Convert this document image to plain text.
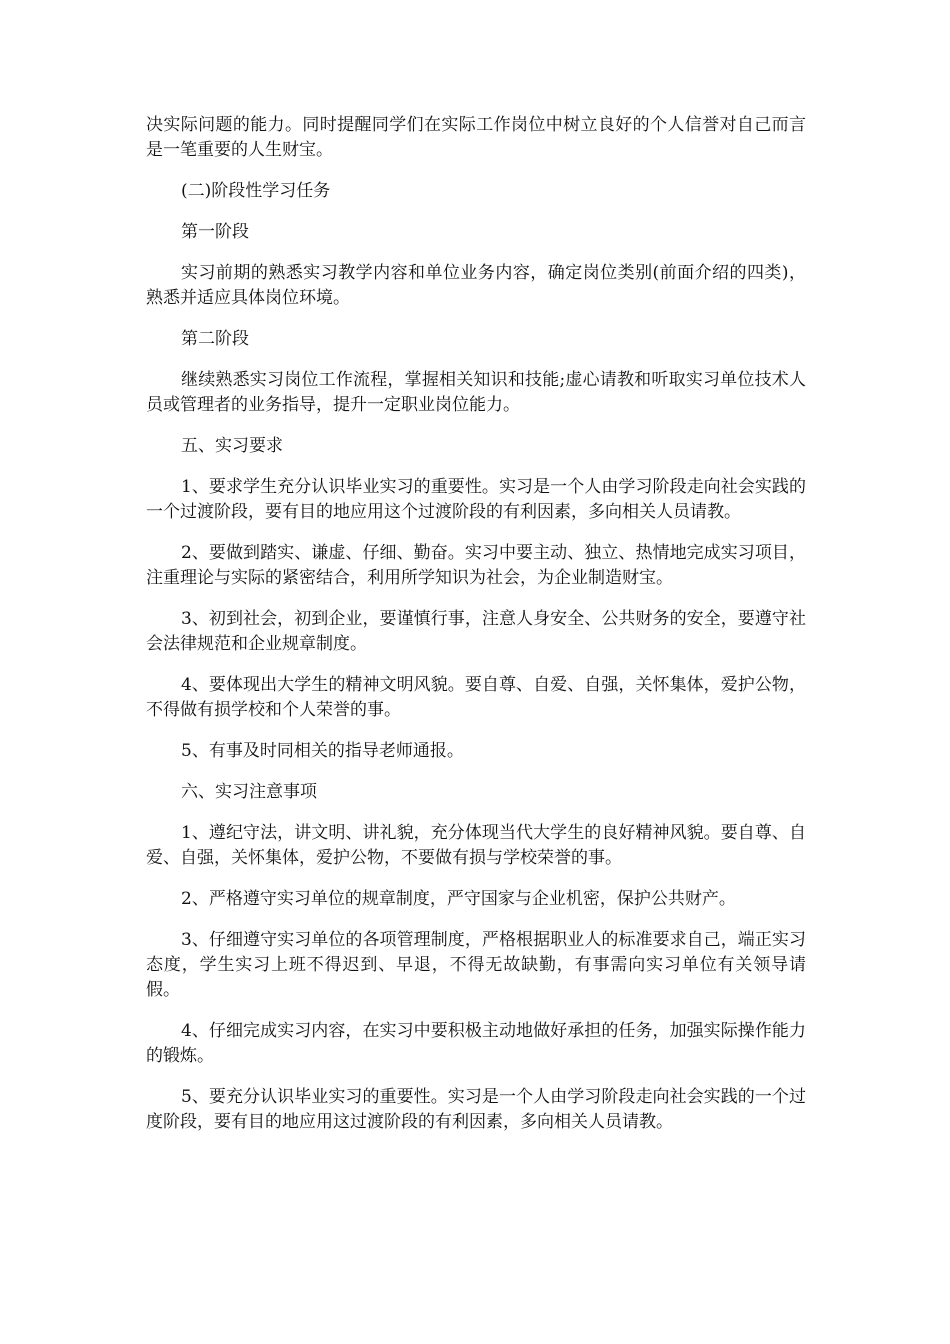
决实际问题的能力。同时提醒同学们在实际工作岗位中树立良好的个人信誉对自己而言是一笔重要的人生财宝。

(二)阶段性学习任务

第一阶段

实习前期的熟悉实习教学内容和单位业务内容，确定岗位类别(前面介绍的四类)，熟悉并适应具体岗位环境。

第二阶段

继续熟悉实习岗位工作流程，掌握相关知识和技能;虚心请教和听取实习单位技术人员或管理者的业务指导，提升一定职业岗位能力。

五、实习要求

1、要求学生充分认识毕业实习的重要性。实习是一个人由学习阶段走向社会实践的一个过渡阶段，要有目的地应用这个过渡阶段的有利因素，多向相关人员请教。

2、要做到踏实、谦虚、仔细、勤奋。实习中要主动、独立、热情地完成实习项目，注重理论与实际的紧密结合，利用所学知识为社会，为企业制造财宝。

3、初到社会，初到企业，要谨慎行事，注意人身安全、公共财务的安全，要遵守社会法律规范和企业规章制度。

4、要体现出大学生的精神文明风貌。要自尊、自爱、自强，关怀集体，爱护公物，不得做有损学校和个人荣誉的事。

5、有事及时同相关的指导老师通报。

六、实习注意事项

1、遵纪守法，讲文明、讲礼貌，充分体现当代大学生的良好精神风貌。要自尊、自爱、自强，关怀集体，爱护公物，不要做有损与学校荣誉的事。

2、严格遵守实习单位的规章制度，严守国家与企业机密，保护公共财产。

3、仔细遵守实习单位的各项管理制度，严格根据职业人的标准要求自己，端正实习态度，学生实习上班不得迟到、早退，不得无故缺勤，有事需向实习单位有关领导请假。

4、仔细完成实习内容，在实习中要积极主动地做好承担的任务，加强实际操作能力的锻炼。

5、要充分认识毕业实习的重要性。实习是一个人由学习阶段走向社会实践的一个过度阶段，要有目的地应用这过渡阶段的有利因素，多向相关人员请教。
